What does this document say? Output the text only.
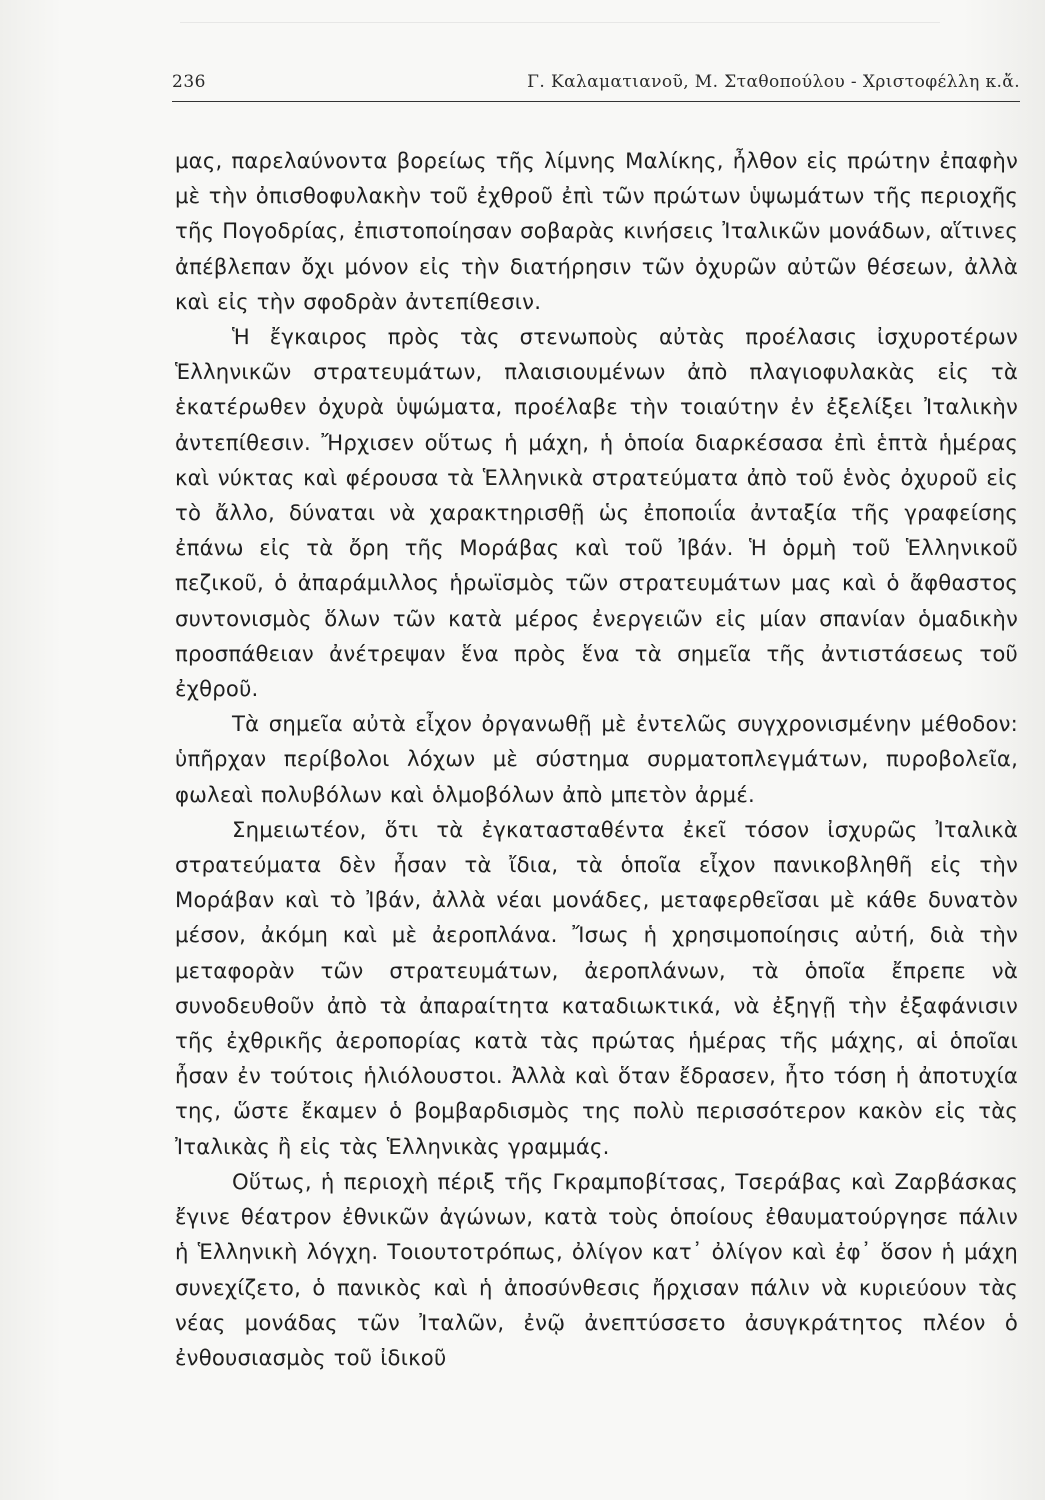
236	Γ. Καλαματιανοῦ, Μ. Σταθοπούλου - Χριστοφέλλη κ.ἄ.

μας, παρελαύνοντα βορείως τῆς λίμνης Μαλίκης, ἦλθον εἰς πρώτην ἐπαφὴν μὲ τὴν ὀπισθοφυλακὴν τοῦ ἐχθροῦ ἐπὶ τῶν πρώτων ὑψωμάτων τῆς περιοχῆς τῆς Πογοδρίας, ἐπιστοποίησαν σοβαρὰς κινήσεις Ἰταλικῶν μονάδων, αἵτινες ἀπέβλεπαν ὄχι μόνον εἰς τὴν διατήρησιν τῶν ὀχυρῶν αὐτῶν θέσεων, ἀλλὰ καὶ εἰς τὴν σφοδρὰν ἀντεπίθεσιν.

Ἡ ἔγκαιρος πρὸς τὰς στενωποὺς αὐτὰς προέλασις ἰσχυροτέρων Ἑλληνικῶν στρατευμάτων, πλαισιουμένων ἀπὸ πλαγιοφυλακὰς εἰς τὰ ἑκατέρωθεν ὀχυρὰ ὑψώματα, προέλαβε τὴν τοιαύτην ἐν ἐξελίξει Ἰταλικὴν ἀντεπίθεσιν. Ἤρχισεν οὕτως ἡ μάχη, ἡ ὁποία διαρκέσασα ἐπὶ ἑπτὰ ἡμέρας καὶ νύκτας καὶ φέρουσα τὰ Ἑλληνικὰ στρατεύματα ἀπὸ τοῦ ἑνὸς ὀχυροῦ εἰς τὸ ἄλλο, δύναται νὰ χαρακτηρισθῇ ὡς ἐποποιΐα ἀνταξία τῆς γραφείσης ἐπάνω εἰς τὰ ὄρη τῆς Μοράβας καὶ τοῦ Ἰβάν. Ἡ ὁρμὴ τοῦ Ἑλληνικοῦ πεζικοῦ, ὁ ἀπαράμιλλος ἡρωϊσμὸς τῶν στρατευμάτων μας καὶ ὁ ἄφθαστος συντονισμὸς ὅλων τῶν κατὰ μέρος ἐνεργειῶν εἰς μίαν σπανίαν ὁμαδικὴν προσπάθειαν ἀνέτρεψαν ἕνα πρὸς ἕνα τὰ σημεῖα τῆς ἀντιστάσεως τοῦ ἐχθροῦ.

Τὰ σημεῖα αὐτὰ εἶχον ὀργανωθῇ μὲ ἐντελῶς συγχρονισμένην μέθοδον: ὑπῆρχαν περίβολοι λόχων μὲ σύστημα συρματοπλεγμάτων, πυροβολεῖα, φωλεαὶ πολυβόλων καὶ ὁλμοβόλων ἀπὸ μπετὸν ἀρμέ.

Σημειωτέον, ὅτι τὰ ἐγκατασταθέντα ἐκεῖ τόσον ἰσχυρῶς Ἰταλικὰ στρατεύματα δὲν ἦσαν τὰ ἴδια, τὰ ὁποῖα εἶχον πανικοβληθῆ εἰς τὴν Μοράβαν καὶ τὸ Ἰβάν, ἀλλὰ νέαι μονάδες, μεταφερθεῖσαι μὲ κάθε δυνατὸν μέσον, ἀκόμη καὶ μὲ ἀεροπλάνα. Ἴσως ἡ χρησιμοποίησις αὐτή, διὰ τὴν μεταφορὰν τῶν στρατευμάτων, ἀεροπλάνων, τὰ ὁποῖα ἔπρεπε νὰ συνοδευθοῦν ἀπὸ τὰ ἀπαραίτητα καταδιωκτικά, νὰ ἐξηγῇ τὴν ἐξαφάνισιν τῆς ἐχθρικῆς ἀεροπορίας κατὰ τὰς πρώτας ἡμέρας τῆς μάχης, αἱ ὁποῖαι ἦσαν ἐν τούτοις ἡλιόλουστοι. Ἀλλὰ καὶ ὅταν ἔδρασεν, ἦτο τόση ἡ ἀποτυχία της, ὥστε ἔκαμεν ὁ βομβαρδισμὸς της πολὺ περισσότερον κακὸν εἰς τὰς Ἰταλικὰς ἢ εἰς τὰς Ἑλληνικὰς γραμμάς.

Οὕτως, ἡ περιοχὴ πέριξ τῆς Γκραμποβίτσας, Τσεράβας καὶ Ζαρβάσκας ἔγινε θέατρον ἐθνικῶν ἀγώνων, κατὰ τοὺς ὁποίους ἐθαυματούργησε πάλιν ἡ Ἑλληνικὴ λόγχη. Τοιουτοτρόπως, ὀλίγον κατ᾽ ὀλίγον καὶ ἐφ᾽ ὅσον ἡ μάχη συνεχίζετο, ὁ πανικὸς καὶ ἡ ἀποσύνθεσις ἤρχισαν πάλιν νὰ κυριεύουν τὰς νέας μονάδας τῶν Ἰταλῶν, ἐνῷ ἀνεπτύσσετο ἀσυγκράτητος πλέον ὁ ἐνθουσιασμὸς τοῦ ἰδικοῦ
